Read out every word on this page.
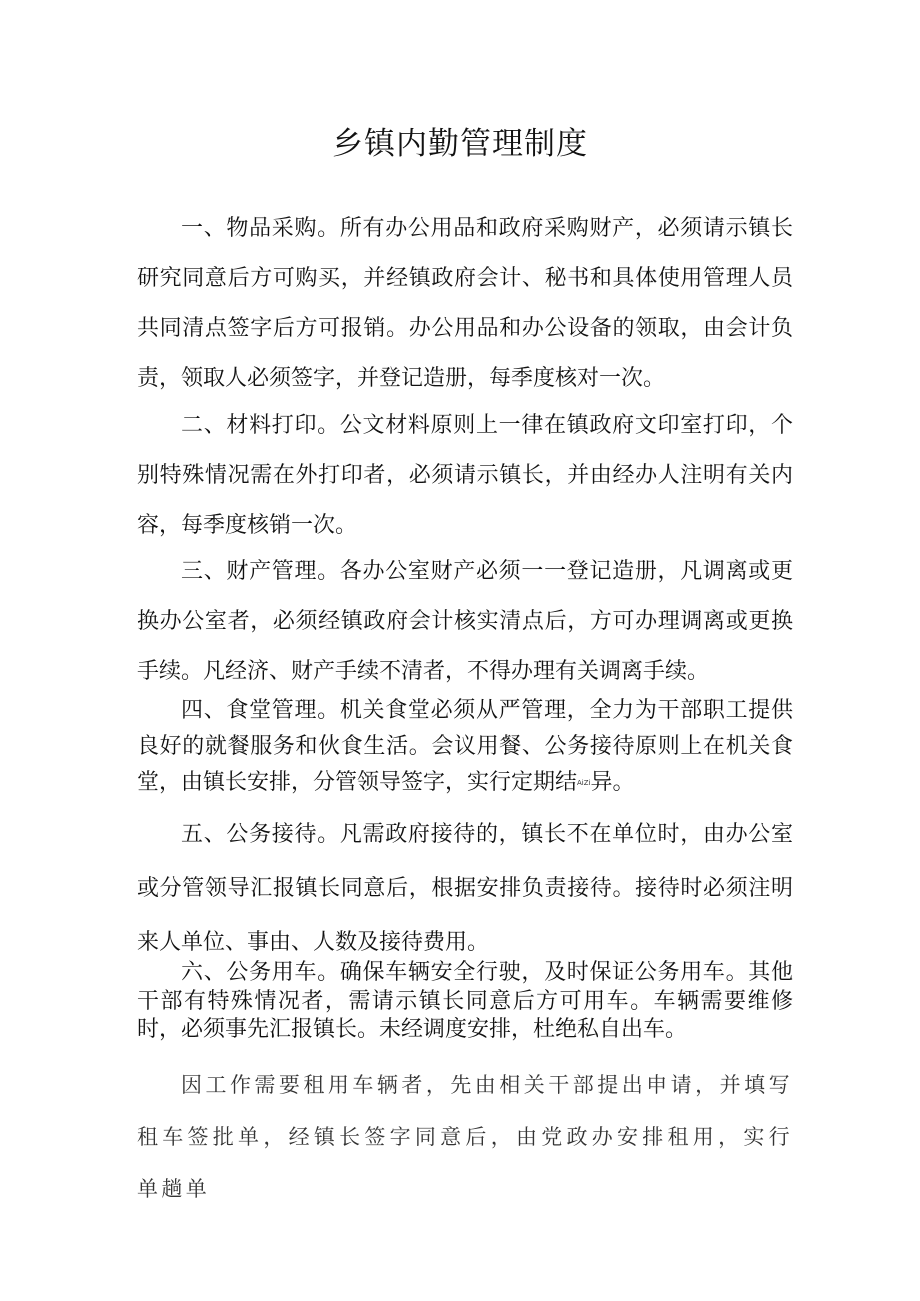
乡镇内勤管理制度

一、物品采购。所有办公用品和政府采购财产，必须请示镇长研究同意后方可购买，并经镇政府会计、秘书和具体使用管理人员共同清点签字后方可报销。办公用品和办公设备的领取，由会计负责，领取人必须签字，并登记造册，每季度核对一次。

二、材料打印。公文材料原则上一律在镇政府文印室打印，个别特殊情况需在外打印者，必须请示镇长，并由经办人注明有关内容，每季度核销一次。

三、财产管理。各办公室财产必须一一登记造册，凡调离或更换办公室者，必须经镇政府会计核实清点后，方可办理调离或更换手续。凡经济、财产手续不清者，不得办理有关调离手续。

四、食堂管理。机关食堂必须从严管理，全力为干部职工提供良好的就餐服务和伙食生活。会议用餐、公务接待原则上在机关食堂，由镇长安排，分管领导签字，实行定期结AiZi异。

五、公务接待。凡需政府接待的，镇长不在单位时，由办公室或分管领导汇报镇长同意后，根据安排负责接待。接待时必须注明来人单位、事由、人数及接待费用。

六、公务用车。确保车辆安全行驶，及时保证公务用车。其他干部有特殊情况者，需请示镇长同意后方可用车。车辆需要维修时，必须事先汇报镇长。未经调度安排，杜绝私自出车。

因工作需要租用车辆者，先由相关干部提出申请，并填写租车签批单，经镇长签字同意后，由党政办安排租用，实行单趟单
